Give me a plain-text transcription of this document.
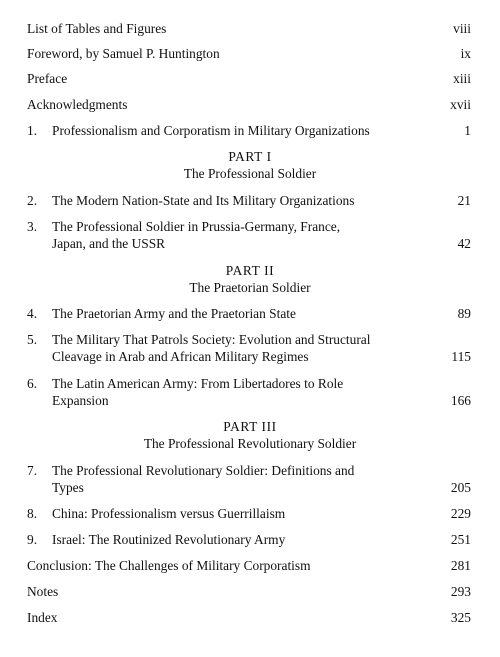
List of Tables and Figures	viii
Foreword, by Samuel P. Huntington	ix
Preface	xiii
Acknowledgments	xvii
1. Professionalism and Corporatism in Military Organizations	1
PART I
The Professional Soldier
2. The Modern Nation-State and Its Military Organizations	21
3. The Professional Soldier in Prussia-Germany, France,
Japan, and the USSR	42
PART II
The Praetorian Soldier
4. The Praetorian Army and the Praetorian State	89
5. The Military That Patrols Society: Evolution and Structural
Cleavage in Arab and African Military Regimes	115
6. The Latin American Army: From Libertadores to Role
Expansion	166
PART III
The Professional Revolutionary Soldier
7. The Professional Revolutionary Soldier: Definitions and
Types	205
8. China: Professionalism versus Guerrillaism	229
9. Israel: The Routinized Revolutionary Army	251
Conclusion: The Challenges of Military Corporatism	281
Notes	293
Index	325
